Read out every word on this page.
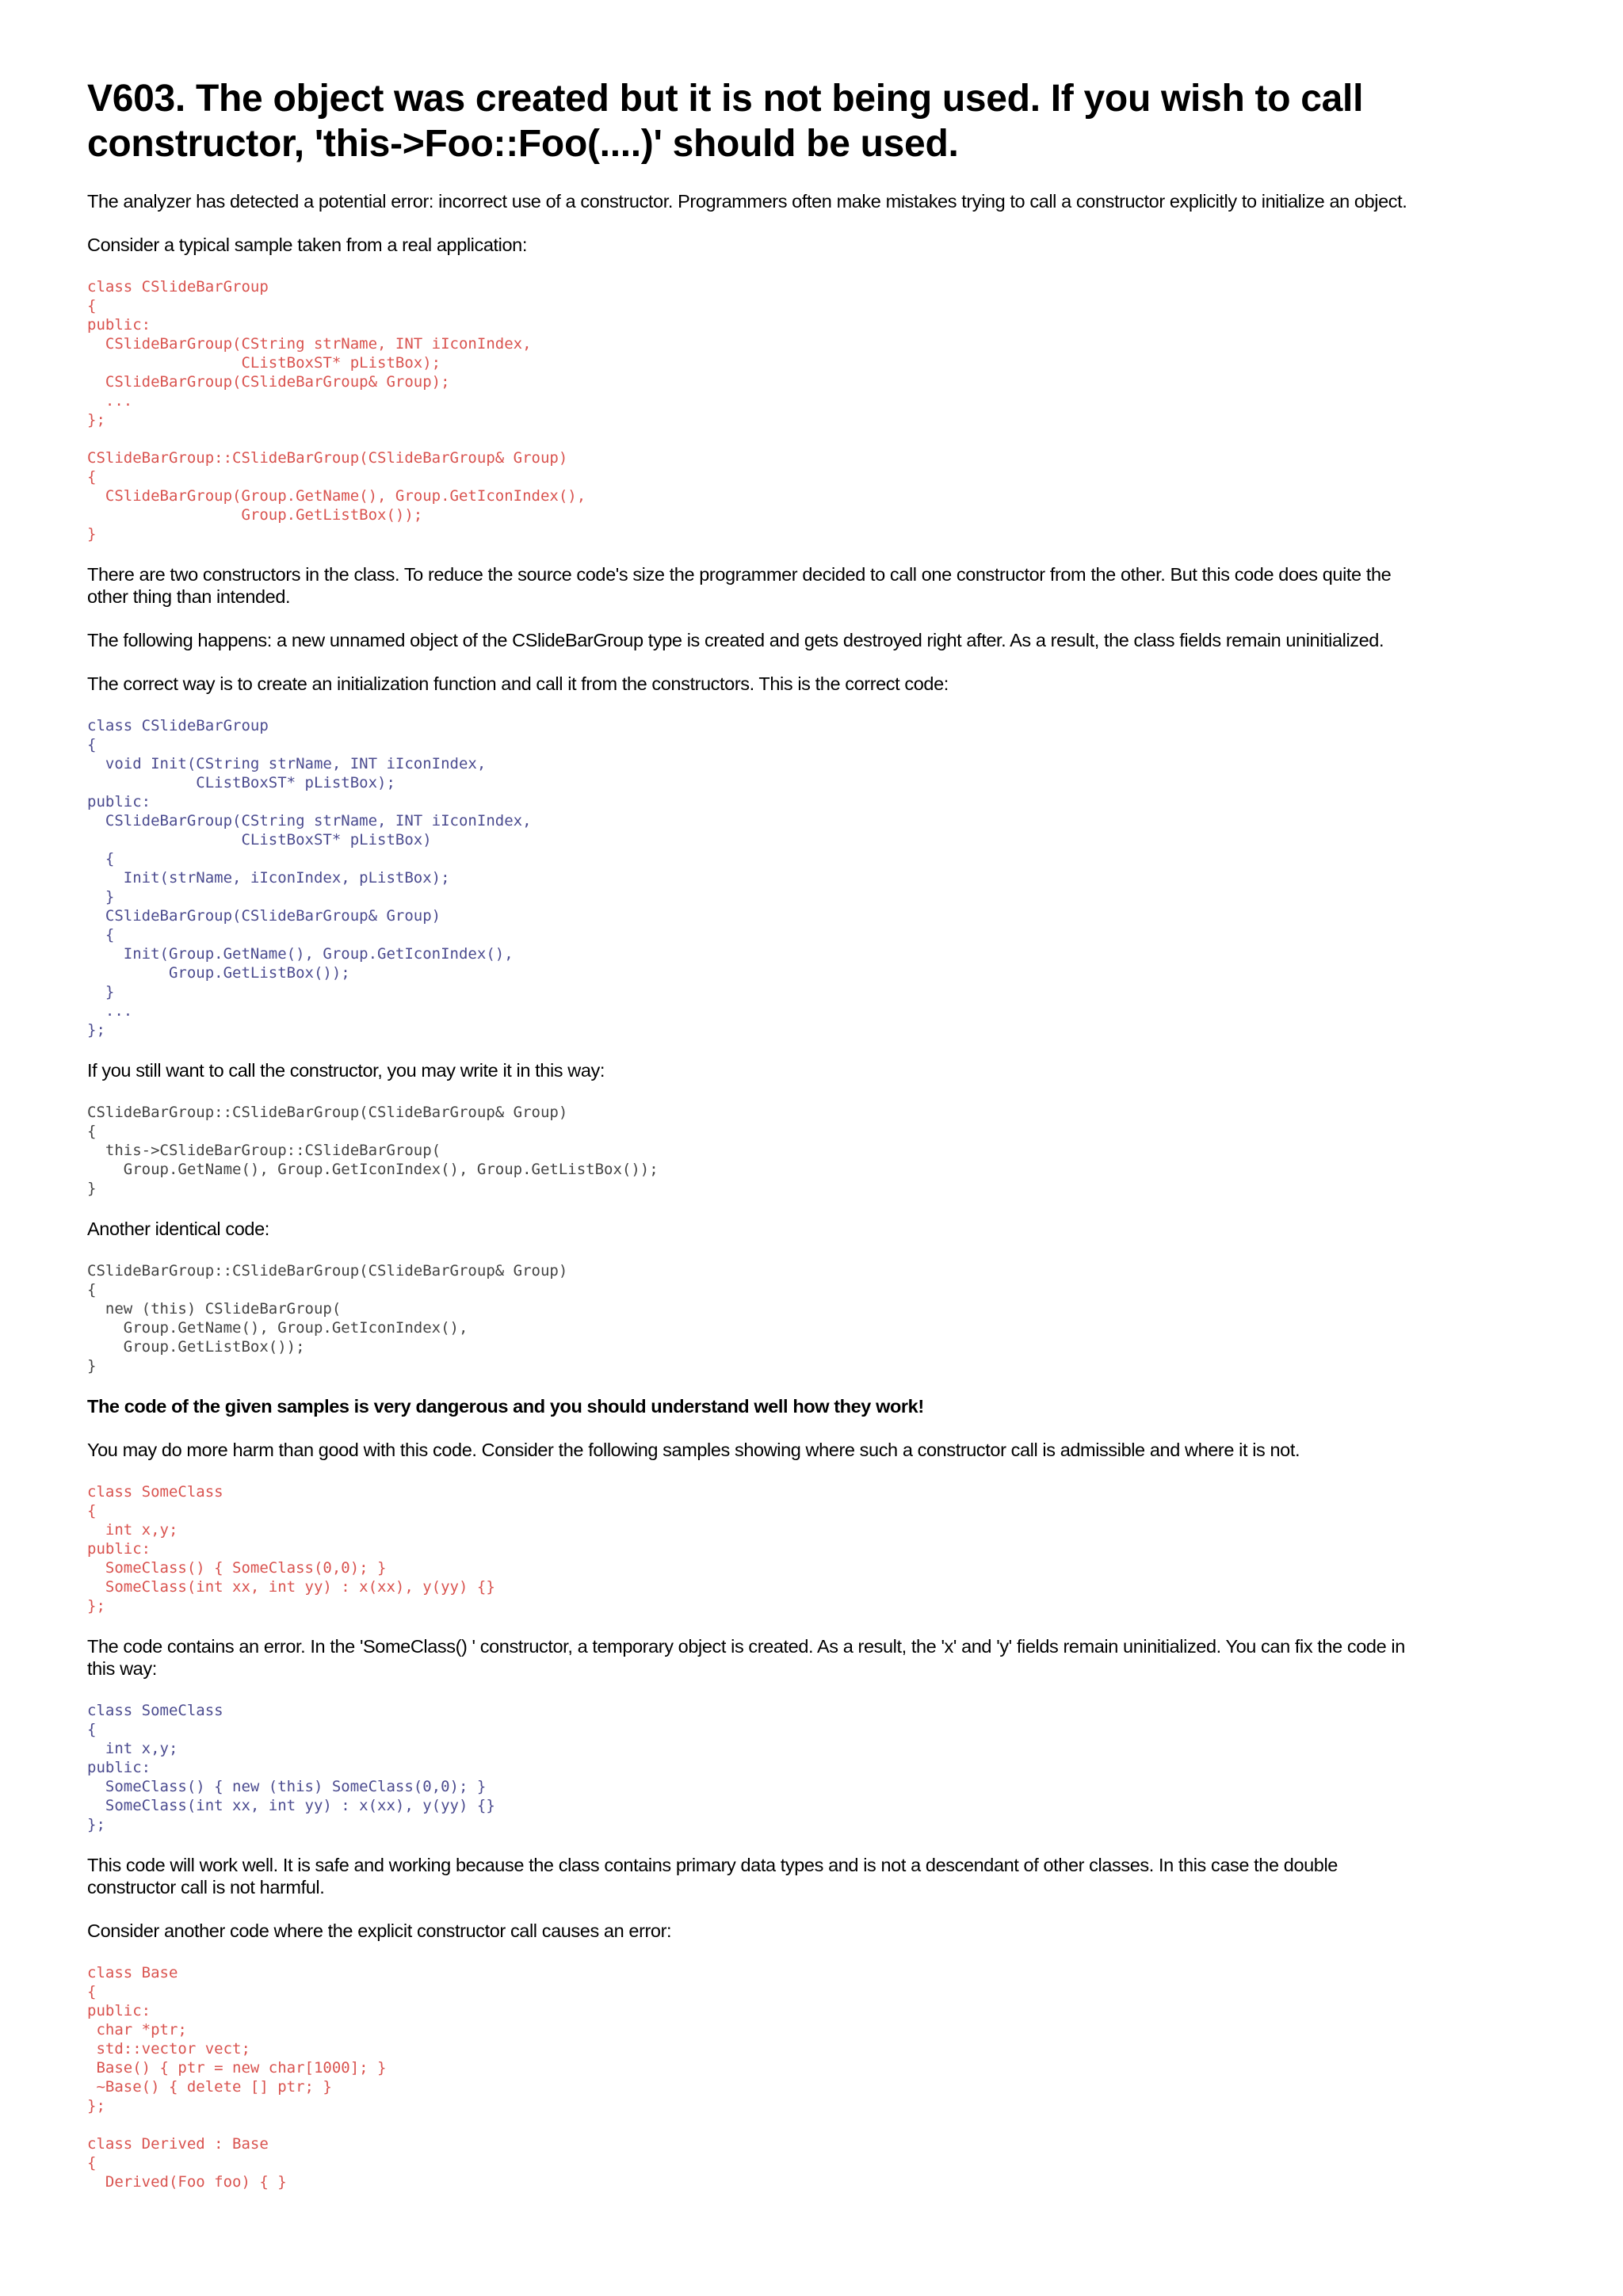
V603. The object was created but it is not being used. If you wish to call constructor, 'this->Foo::Foo(....)' should be used.

The analyzer has detected a potential error: incorrect use of a constructor. Programmers often make mistakes trying to call a constructor explicitly to initialize an object.

Consider a typical sample taken from a real application:

class CSlideBarGroup
{
public:
CSlideBarGroup(CString strName, INT iIconIndex,
CListBoxST* pListBox);
CSlideBarGroup(CSlideBarGroup& Group);
...
};

CSlideBarGroup::CSlideBarGroup(CSlideBarGroup& Group)
{
CSlideBarGroup(Group.GetName(), Group.GetIconIndex(),
Group.GetListBox());
}

There are two constructors in the class. To reduce the source code's size the programmer decided to call one constructor from the other. But this code does quite the other thing than intended.

The following happens: a new unnamed object of the CSlideBarGroup type is created and gets destroyed right after. As a result, the class fields remain uninitialized.

The correct way is to create an initialization function and call it from the constructors. This is the correct code:

class CSlideBarGroup
{
void Init(CString strName, INT iIconIndex,
CListBoxST* pListBox);
public:
CSlideBarGroup(CString strName, INT iIconIndex,
CListBoxST* pListBox)
{
Init(strName, iIconIndex, pListBox);
}
CSlideBarGroup(CSlideBarGroup& Group)
{
Init(Group.GetName(), Group.GetIconIndex(),
Group.GetListBox());
}
...
};

If you still want to call the constructor, you may write it in this way:

CSlideBarGroup::CSlideBarGroup(CSlideBarGroup& Group)
{
this->CSlideBarGroup::CSlideBarGroup(
Group.GetName(), Group.GetIconIndex(), Group.GetListBox());
}

Another identical code:

CSlideBarGroup::CSlideBarGroup(CSlideBarGroup& Group)
{
new (this) CSlideBarGroup(
Group.GetName(), Group.GetIconIndex(),
Group.GetListBox());
}

The code of the given samples is very dangerous and you should understand well how they work!

You may do more harm than good with this code. Consider the following samples showing where such a constructor call is admissible and where it is not.

class SomeClass
{
int x,y;
public:
SomeClass() { SomeClass(0,0); }
SomeClass(int xx, int yy) : x(xx), y(yy) {}
};

The code contains an error. In the 'SomeClass() ' constructor, a temporary object is created. As a result, the 'x' and 'y' fields remain uninitialized. You can fix the code in this way:

class SomeClass
{
int x,y;
public:
SomeClass() { new (this) SomeClass(0,0); }
SomeClass(int xx, int yy) : x(xx), y(yy) {}
};

This code will work well. It is safe and working because the class contains primary data types and is not a descendant of other classes. In this case the double constructor call is not harmful.

Consider another code where the explicit constructor call causes an error:

class Base
{
public:
char *ptr;
std::vector vect;
Base() { ptr = new char[1000]; }
~Base() { delete [] ptr; }
};

class Derived : Base
{
Derived(Foo foo) { }
